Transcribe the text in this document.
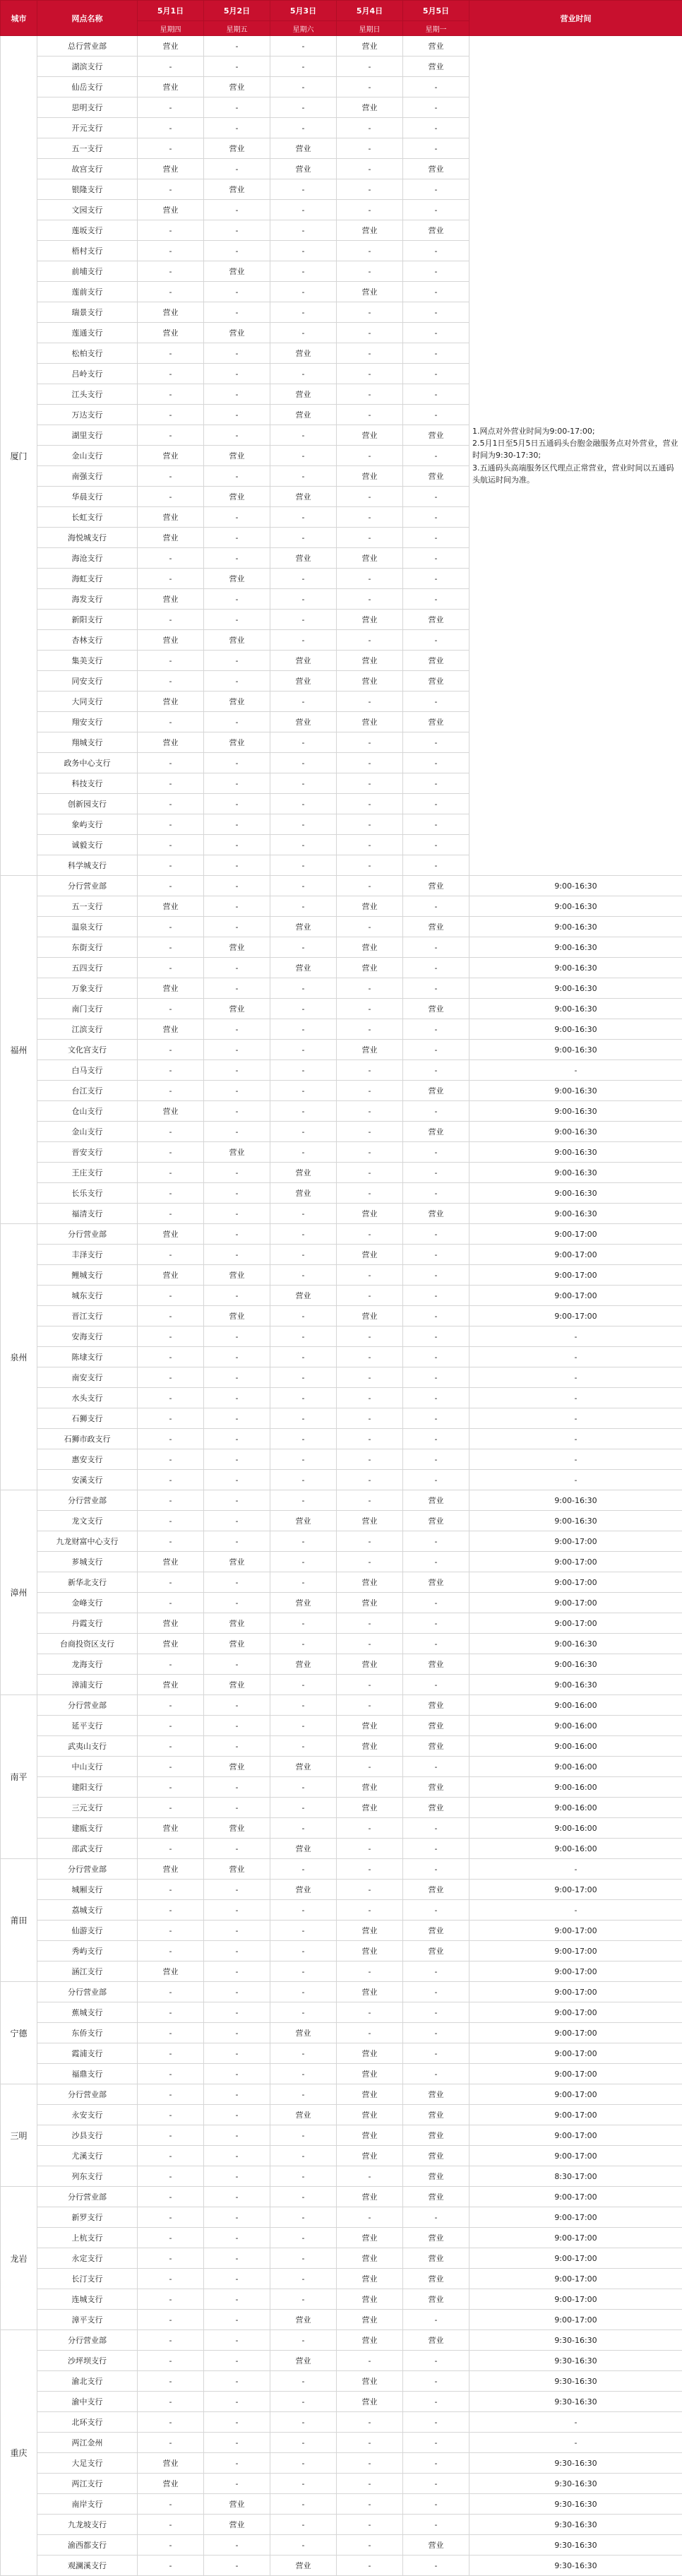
城市	网点名称	5月1日	5月2日	5月3日	5月4日	5月5日	营业时间
		星期四	星期五	星期六	星期日	星期一	
厦门	总行营业部	营业	-	-	营业	营业	1.网点对外营业时间为9:00-17:00;
2.5月1日至5月5日五通码头台胞金融服务点对外营业，营业时间为9:30-17:30;
3.五通码头高端服务区代理点正常营业，营业时间以五通码头航运时间为准。
	湖滨支行	-	-	-	-	营业	
	仙岳支行	营业	营业	-	-	-	
	思明支行	-	-	-	营业	-	
	开元支行	-	-	-	-	-	
	五一支行	-	营业	营业	-	-	
	故宫支行	营业	-	营业	-	营业	
	银隆支行	-	营业	-	-	-	
	文园支行	营业	-	-	-	-	
	莲坂支行	-	-	-	营业	营业	
	梧村支行	-	-	-	-	-	
	前埔支行	-	营业	-	-	-	
	莲前支行	-	-	-	营业	-	
	瑞景支行	营业	-	-	-	-	
	莲通支行	营业	营业	-	-	-	
	松柏支行	-	-	营业	-	-	
	吕岭支行	-	-	-	-	-	
	江头支行	-	-	营业	-	-	
	万达支行	-	-	营业	-	-	
	湖里支行	-	-	-	营业	营业	
	金山支行	营业	营业	-	-	-	
	南强支行	-	-	-	营业	营业	
	华晨支行	-	营业	营业	-	-	
	长虹支行	营业	-	-	-	-	
	海悦城支行	营业	-	-	-	-	
	海沧支行	-	-	营业	营业	-	
	海虹支行	-	营业	-	-	-	
	海发支行	营业	-	-	-	-	
	新阳支行	-	-	-	营业	营业	
	杏林支行	营业	营业	-	-	-	
	集美支行	-	-	营业	营业	营业	
	同安支行	-	-	营业	营业	营业	
	大同支行	营业	营业	-	-	-	
	翔安支行	-	-	营业	营业	营业	
	翔城支行	营业	营业	-	-	-	
	政务中心支行	-	-	-	-	-	
	科技支行	-	-	-	-	-	
	创新园支行	-	-	-	-	-	
	象屿支行	-	-	-	-	-	
	诚毅支行	-	-	-	-	-	
	科学城支行	-	-	-	-	-	
福州	分行营业部	-	-	-	-	营业	9:00-16:30
	五一支行	营业	-	-	营业	-	9:00-16:30
	温泉支行	-	-	营业	-	营业	9:00-16:30
	东街支行	-	营业	-	营业	-	9:00-16:30
	五四支行	-	-	营业	营业	-	9:00-16:30
	万象支行	营业	-	-	-	-	9:00-16:30
	南门支行	-	营业	-	-	营业	9:00-16:30
	江滨支行	营业	-	-	-	-	9:00-16:30
	文化宫支行	-	-	-	营业	-	9:00-16:30
	白马支行	-	-	-	-	-	-
	台江支行	-	-	-	-	营业	9:00-16:30
	仓山支行	营业	-	-	-	-	9:00-16:30
	金山支行	-	-	-	-	营业	9:00-16:30
	晋安支行	-	营业	-	-	-	9:00-16:30
	王庄支行	-	-	营业	-	-	9:00-16:30
	长乐支行	-	-	营业	-	-	9:00-16:30
	福清支行	-	-	-	营业	营业	9:00-16:30
泉州	分行营业部	营业	-	-	-	-	9:00-17:00
	丰泽支行	-	-	-	营业	-	9:00-17:00
	鲤城支行	营业	营业	-	-	-	9:00-17:00
	城东支行	-	-	营业	-	-	9:00-17:00
	晋江支行	-	营业	-	营业	-	9:00-17:00
	安海支行	-	-	-	-	-	-
	陈埭支行	-	-	-	-	-	-
	南安支行	-	-	-	-	-	-
	水头支行	-	-	-	-	-	-
	石狮支行	-	-	-	-	-	-
	石狮市政支行	-	-	-	-	-	-
	惠安支行	-	-	-	-	-	-
	安溪支行	-	-	-	-	-	-
漳州	分行营业部	-	-	-	-	营业	9:00-16:30
	龙文支行	-	-	营业	营业	营业	9:00-16:30
	九龙财富中心支行	-	-	-	-	-	9:00-17:00
	芗城支行	营业	营业	-	-	-	9:00-17:00
	新华北支行	-	-	-	营业	营业	9:00-17:00
	金峰支行	-	-	营业	营业	-	9:00-17:00
	丹霞支行	营业	营业	-	-	-	9:00-17:00
	台商投资区支行	营业	营业	-	-	-	9:00-16:30
	龙海支行	-	-	营业	营业	营业	9:00-16:30
	漳浦支行	营业	营业	-	-	-	9:00-16:30
南平	分行营业部	-	-	-	-	营业	9:00-16:00
	延平支行	-	-	-	营业	营业	9:00-16:00
	武夷山支行	-	-	-	营业	营业	9:00-16:00
	中山支行	-	营业	营业	-	-	9:00-16:00
	建阳支行	-	-	-	营业	营业	9:00-16:00
	三元支行	-	-	-	营业	营业	9:00-16:00
	建瓯支行	营业	营业	-	-	-	9:00-16:00
	邵武支行	-	-	营业	-	-	9:00-16:00
莆田	分行营业部	营业	营业	-	-	-	-
	城厢支行	-	-	营业	-	营业	9:00-17:00
	荔城支行	-	-	-	-	-	-
	仙游支行	-	-	-	营业	营业	9:00-17:00
	秀屿支行	-	-	-	营业	营业	9:00-17:00
	涵江支行	营业	-	-	-	-	9:00-17:00
宁德	分行营业部	-	-	-	营业	-	9:00-17:00
	蕉城支行	-	-	-	-	-	9:00-17:00
	东侨支行	-	-	营业	-	-	9:00-17:00
	霞浦支行	-	-	-	营业	-	9:00-17:00
	福鼎支行	-	-	-	营业	-	9:00-17:00
三明	分行营业部	-	-	-	营业	营业	9:00-17:00
	永安支行	-	-	营业	营业	营业	9:00-17:00
	沙县支行	-	-	-	营业	营业	9:00-17:00
	尤溪支行	-	-	-	营业	营业	9:00-17:00
	列东支行	-	-	-	-	营业	8:30-17:00
龙岩	分行营业部	-	-	-	营业	营业	9:00-17:00
	新罗支行	-	-	-	-	-	9:00-17:00
	上杭支行	-	-	-	营业	营业	9:00-17:00
	永定支行	-	-	-	营业	营业	9:00-17:00
	长汀支行	-	-	-	营业	营业	9:00-17:00
	连城支行	-	-	-	营业	营业	9:00-17:00
	漳平支行	-	-	营业	营业	-	9:00-17:00
重庆	分行营业部	-	-	-	营业	营业	9:30-16:30
	沙坪坝支行	-	-	营业	-	-	9:30-16:30
	渝北支行	-	-	-	营业	-	9:30-16:30
	渝中支行	-	-	-	营业	-	9:30-16:30
	北环支行	-	-	-	-	-	-
	两江金州	-	-	-	-	-	-
	大足支行	营业	-	-	-	-	9:30-16:30
	两江支行	营业	-	-	-	-	9:30-16:30
	南岸支行	-	营业	-	-	-	9:30-16:30
	九龙坡支行	-	营业	-	-	-	9:30-16:30
	渝西都支行	-	-	-	-	营业	9:30-16:30
	观澜溪支行	-	-	营业	-	-	9:30-16:30
